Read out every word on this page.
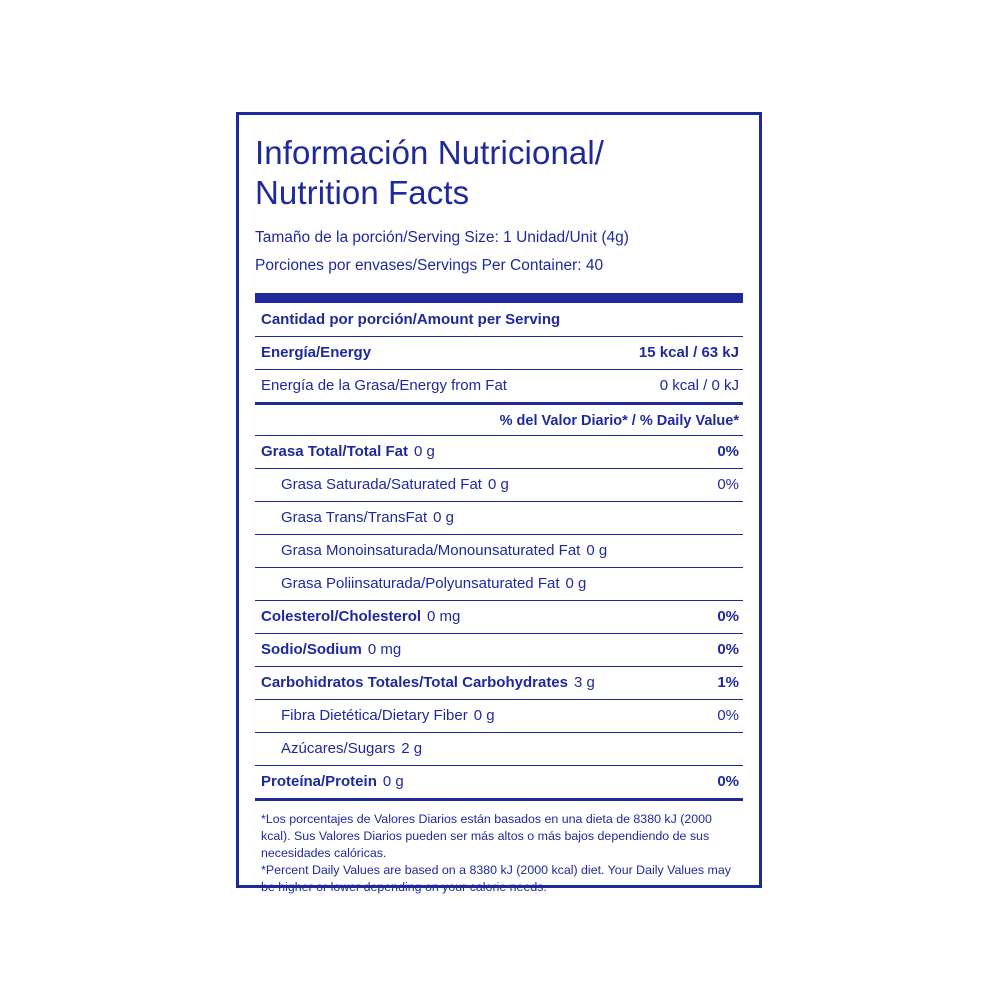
Información Nutricional/
Nutrition Facts
Tamaño de la porción/Serving Size: 1 Unidad/Unit (4g)
Porciones por envases/Servings Per Container: 40
Cantidad por porción/Amount per Serving
Energía/Energy	15 kcal / 63 kJ
Energía de la Grasa/Energy from Fat	0 kcal / 0 kJ
% del Valor Diario* / % Daily Value*
Grasa Total/Total Fat 0 g	0%
Grasa Saturada/Saturated Fat 0 g	0%
Grasa Trans/TransFat 0 g
Grasa Monoinsaturada/Monounsaturated Fat 0 g
Grasa Poliinsaturada/Polyunsaturated Fat 0 g
Colesterol/Cholesterol 0 mg	0%
Sodio/Sodium 0 mg	0%
Carbohidratos Totales/Total Carbohydrates 3 g	1%
Fibra Dietética/Dietary Fiber 0 g	0%
Azúcares/Sugars 2 g
Proteína/Protein 0 g	0%

*Los porcentajes de Valores Diarios están basados en una dieta de 8380 kJ (2000 kcal). Sus Valores Diarios pueden ser más altos o más bajos dependiendo de sus necesidades calóricas.

*Percent Daily Values are based on a 8380 kJ (2000 kcal) diet. Your Daily Values may be higher or lower depending on your calorie needs.
